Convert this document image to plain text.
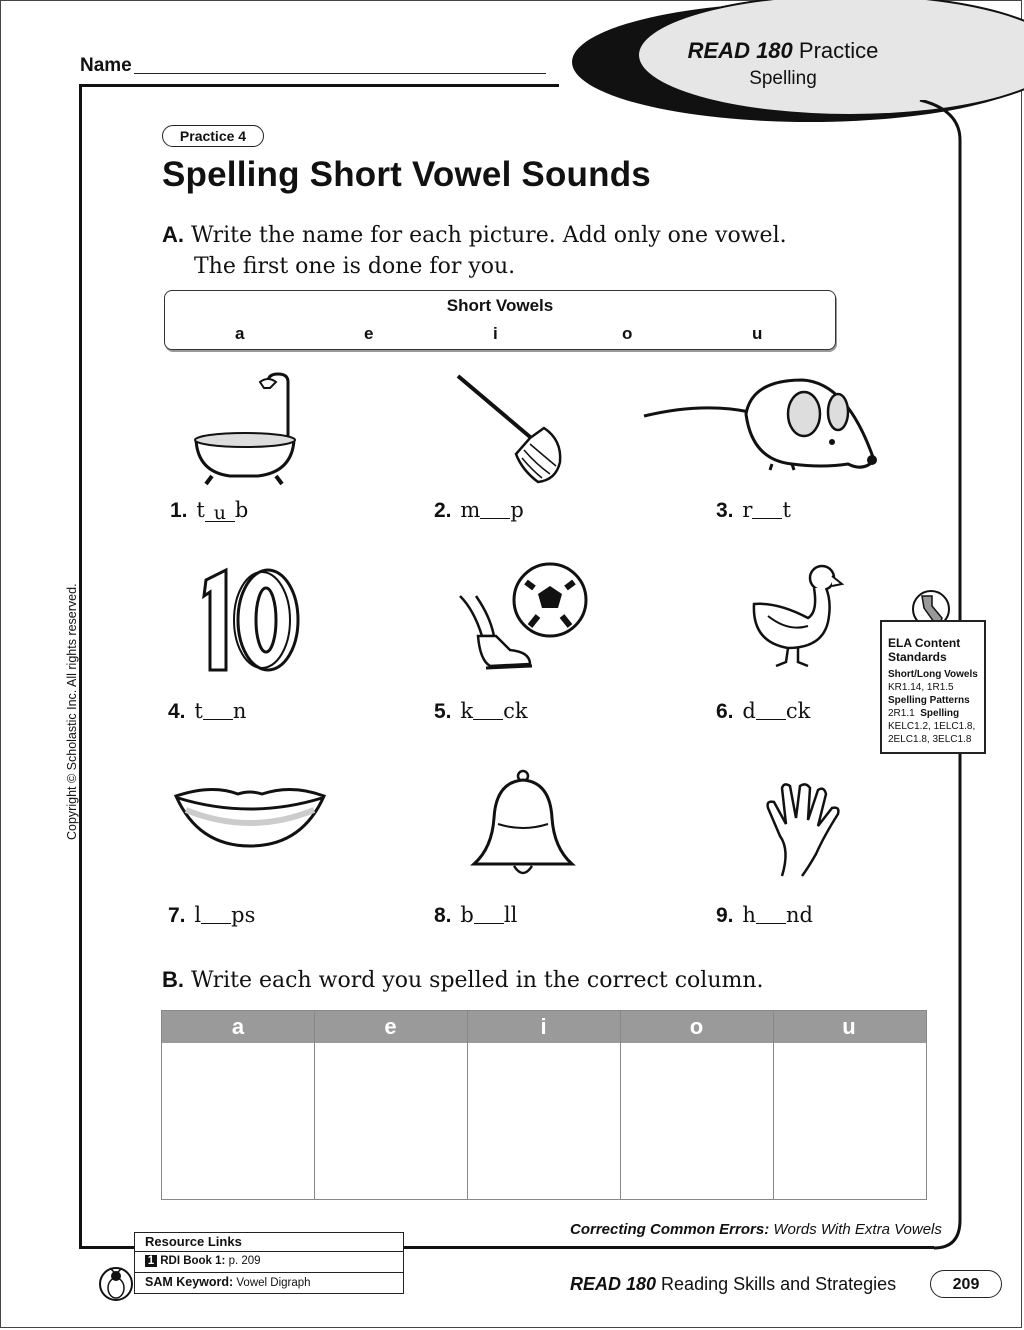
READ 180 Practice
Spelling
Name
Practice 4
Spelling Short Vowel Sounds
A. Write the name for each picture. Add only one vowel.
The first one is done for you.
Short Vowels
a	e	i	o	u
1. t u b	2. m p	3. r t
4. t n	5. k ck	6. d ck
7. l ps	8. b ll	9. h nd
B. Write each word you spelled in the correct column.
a	e	i	o	u
ELA Content
Standards
Short/Long Vowels
KR1.14, 1R1.5
Spelling Patterns
2R1.1 Spelling
KELC1.2, 1ELC1.8,
2ELC1.8, 3ELC1.8
Copyright © Scholastic Inc. All rights reserved.
Correcting Common Errors: Words With Extra Vowels
Resource Links
1 RDI Book 1: p. 209
SAM Keyword: Vowel Digraph	READ 180 Reading Skills and Strategies	209
